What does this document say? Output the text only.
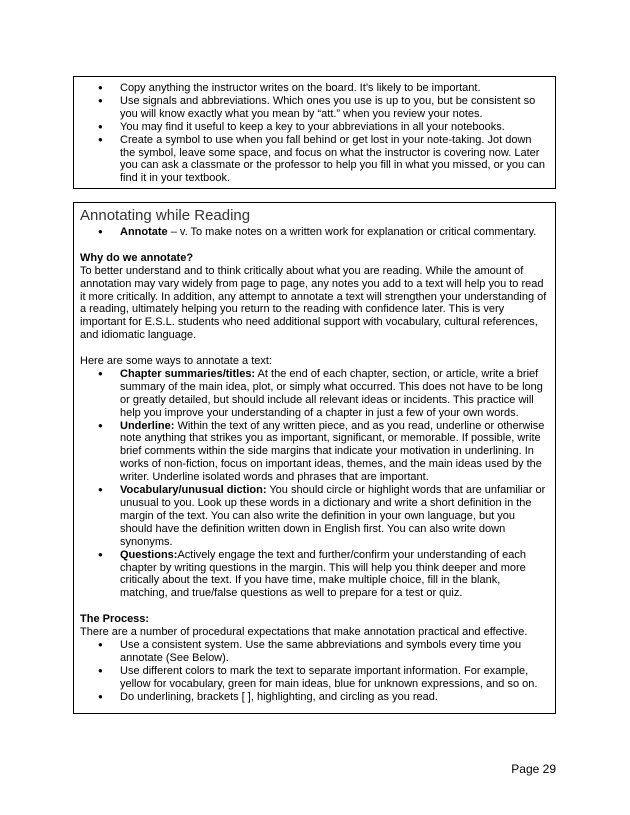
● Copy anything the instructor writes on the board. It’s likely to be important.
● Use signals and abbreviations. Which ones you use is up to you, but be consistent so you will know exactly what you mean by “att.” when you review your notes.
● You may find it useful to keep a key to your abbreviations in all your notebooks.
● Create a symbol to use when you fall behind or get lost in your note-taking. Jot down the symbol, leave some space, and focus on what the instructor is covering now. Later you can ask a classmate or the professor to help you fill in what you missed, or you can find it in your textbook.
Annotating while Reading
● Annotate – v. To make notes on a written work for explanation or critical commentary.

Why do we annotate?

To better understand and to think critically about what you are reading. While the amount of annotation may vary widely from page to page, any notes you add to a text will help you to read it more critically. In addition, any attempt to annotate a text will strengthen your understanding of a reading, ultimately helping you return to the reading with confidence later. This is very important for E.S.L. students who need additional support with vocabulary, cultural references, and idiomatic language.

Here are some ways to annotate a text:

● Chapter summaries/titles: At the end of each chapter, section, or article, write a brief summary of the main idea, plot, or simply what occurred. This does not have to be long or greatly detailed, but should include all relevant ideas or incidents. This practice will help you improve your understanding of a chapter in just a few of your own words.
● Underline: Within the text of any written piece, and as you read, underline or otherwise note anything that strikes you as important, significant, or memorable. If possible, write brief comments within the side margins that indicate your motivation in underlining. In works of non-fiction, focus on important ideas, themes, and the main ideas used by the writer. Underline isolated words and phrases that are important.
● Vocabulary/unusual diction: You should circle or highlight words that are unfamiliar or unusual to you. Look up these words in a dictionary and write a short definition in the margin of the text. You can also write the definition in your own language, but you should have the definition written down in English first. You can also write down synonyms.
● Questions:Actively engage the text and further/confirm your understanding of each chapter by writing questions in the margin. This will help you think deeper and more critically about the text. If you have time, make multiple choice, fill in the blank, matching, and true/false questions as well to prepare for a test or quiz.

The Process:

There are a number of procedural expectations that make annotation practical and effective.

● Use a consistent system. Use the same abbreviations and symbols every time you annotate (See Below).
● Use different colors to mark the text to separate important information. For example, yellow for vocabulary, green for main ideas, blue for unknown expressions, and so on.
● Do underlining, brackets [ ], highlighting, and circling as you read.
Page 29
